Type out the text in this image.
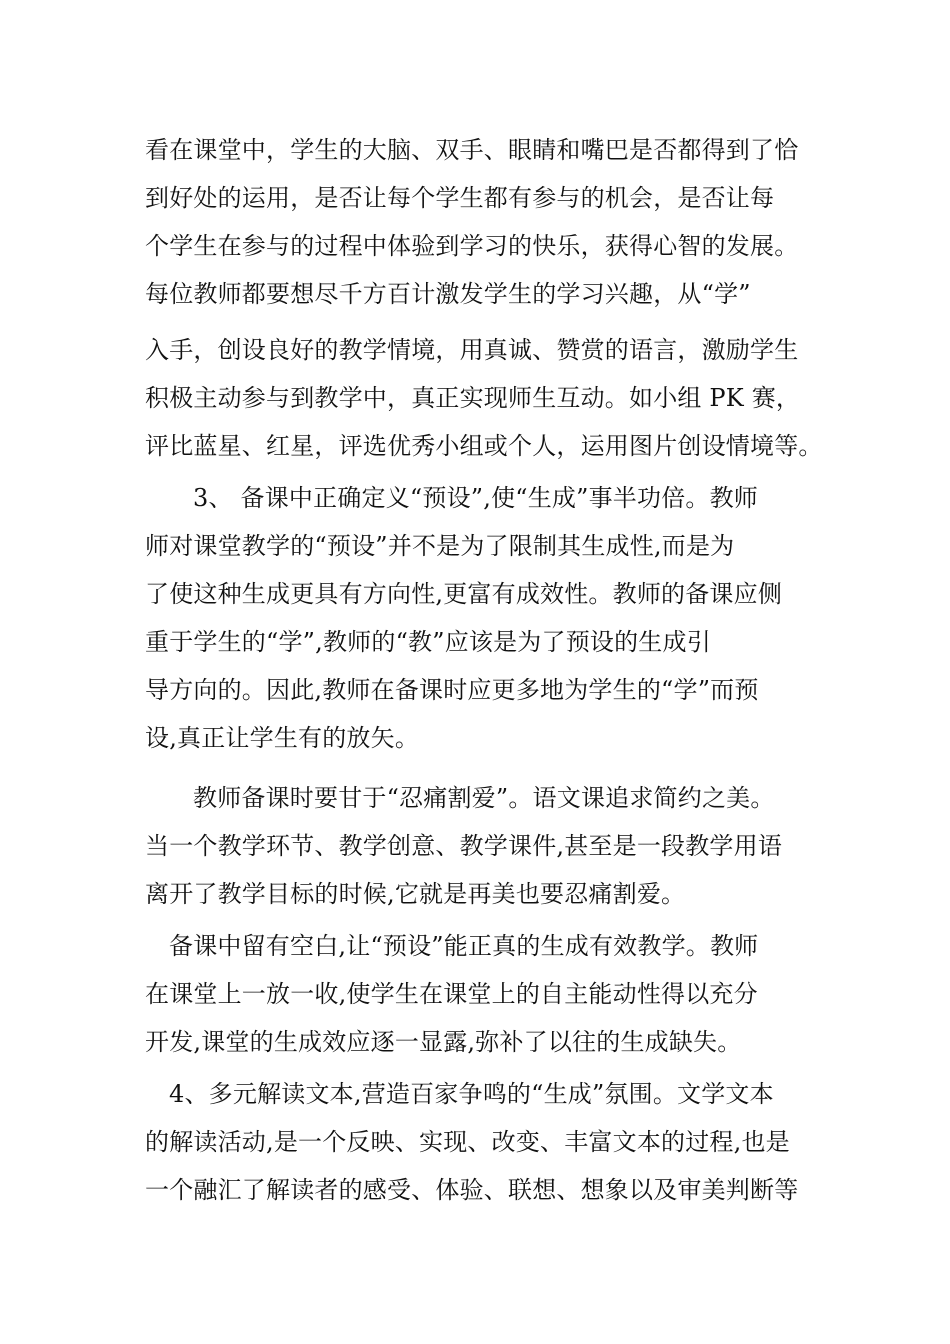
看在课堂中，学生的大脑、双手、眼睛和嘴巴是否都得到了恰
到好处的运用，是否让每个学生都有参与的机会，是否让每
个学生在参与的过程中体验到学习的快乐，获得心智的发展。
每位教师都要想尽千方百计激发学生的学习兴趣，从“学”
入手，创设良好的教学情境，用真诚、赞赏的语言，激励学生
积极主动参与到教学中，真正实现师生互动。如小组 PK 赛，
评比蓝星、红星，评选优秀小组或个人，运用图片创设情境等。
3、 备课中正确定义“预设”,使“生成”事半功倍。教师
师对课堂教学的“预设”并不是为了限制其生成性,而是为
了使这种生成更具有方向性,更富有成效性。教师的备课应侧
重于学生的“学”,教师的“教”应该是为了预设的生成引
导方向的。因此,教师在备课时应更多地为学生的“学”而预
设,真正让学生有的放矢。
教师备课时要甘于“忍痛割爱”。语文课追求简约之美。
当一个教学环节、教学创意、教学课件,甚至是一段教学用语
离开了教学目标的时候,它就是再美也要忍痛割爱。
备课中留有空白,让“预设”能正真的生成有效教学。教师
在课堂上一放一收,使学生在课堂上的自主能动性得以充分
开发,课堂的生成效应逐一显露,弥补了以往的生成缺失。
4、多元解读文本,营造百家争鸣的“生成”氛围。文学文本
的解读活动,是一个反映、实现、改变、丰富文本的过程,也是
一个融汇了解读者的感受、体验、联想、想象以及审美判断等
